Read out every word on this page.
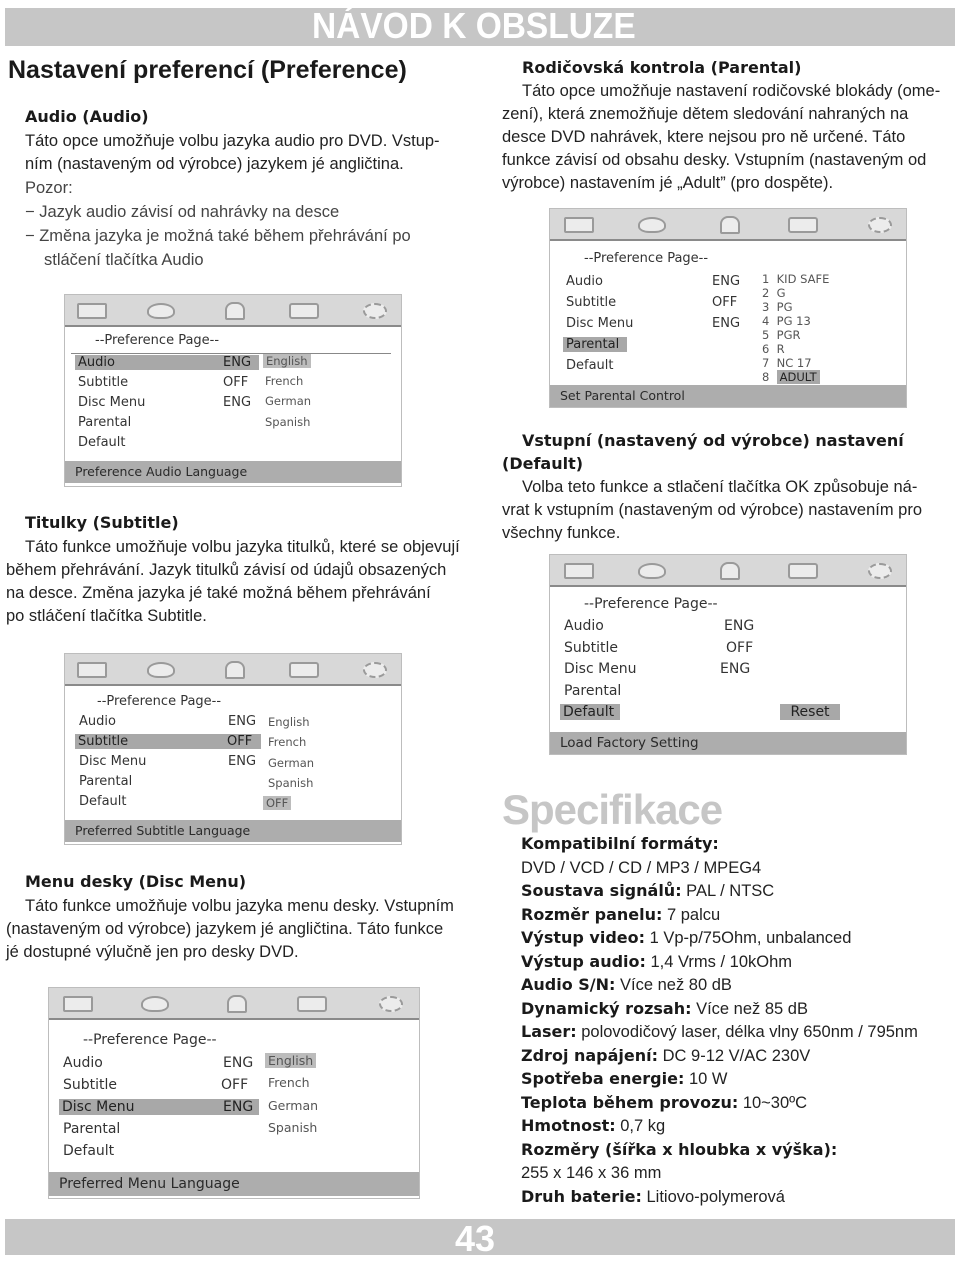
NÁVOD K OBSLUZE
Nastavení preferencí (Preference)
Audio (Audio)
Táto opce umožňuje volbu jazyka audio pro DVD. Vstup-
ním (nastaveným od výrobce) jazykem jé angličtina.
Pozor:
− Jazyk audio závisí od nahrávky na desce
− Změna jazyka je možná také během přehrávání po
stláčení tlačítka Audio
--Preference Page--
Audio	ENG
Subtitle	OFF
Disc Menu	ENG
Parental
Default
English
French
German
Spanish
Preference Audio Language
Titulky (Subtitle)
Táto funkce umožňuje volbu jazyka titulků, které se objevují
během přehrávání. Jazyk titulků závisí od údajů obsazených
na desce. Změna jazyka jé také možná během přehrávání
po stláčení tlačítka Subtitle.
--Preference Page--
Audio	ENG
Subtitle	OFF
Disc Menu	ENG
Parental
Default
English
French
German
Spanish
OFF
Preferred Subtitle Language
Menu desky (Disc Menu)
Táto funkce umožňuje volbu jazyka menu desky. Vstupním
(nastaveným od výrobce) jazykem jé angličtina. Táto funkce
jé dostupné výlučně jen pro desky DVD.
--Preference Page--
Audio	ENG
Subtitle	OFF
Disc Menu	ENG
Parental
Default
English
French
German
Spanish
Preferred Menu Language
Rodičovská kontrola (Parental)
Táto opce umožňuje nastavení rodičovské blokády (ome-
zení), která znemožňuje dětem sledování nahraných na
desce DVD nahrávek, ktere nejsou pro ně určené. Táto
funkce závisí od obsahu desky. Vstupním (nastaveným od
výrobce) nastavením jé „Adult” (pro dospěte).
--Preference Page--
Audio	ENG
Subtitle	OFF
Disc Menu	ENG
Parental
Default
1 KID SAFE
2 G
3 PG
4 PG 13
5 PGR
6 R
7 NC 17
8 ADULT
Set Parental Control
Vstupní (nastavený od výrobce) nastavení
(Default)
Volba teto funkce a stlačení tlačítka OK způsobuje ná-
vrat k vstupním (nastaveným od výrobce) nastavením pro
všechny funkce.
--Preference Page--
Audio	ENG
Subtitle	OFF
Disc Menu	ENG
Parental
Default	Reset
Load Factory Setting
Specifikace
Kompatibilní formáty:
DVD / VCD / CD / MP3 / MPEG4
Soustava signálů: PAL / NTSC
Rozměr panelu: 7 palcu
Výstup video: 1 Vp-p/75Ohm, unbalanced
Výstup audio: 1,4 Vrms / 10kOhm
Audio S/N: Více než 80 dB
Dynamický rozsah: Více než 85 dB
Laser: polovodičový laser, délka vlny 650nm / 795nm
Zdroj napájení: DC 9-12 V/AC 230V
Spotřeba energie: 10 W
Teplota během provozu: 10~30ºC
Hmotnost: 0,7 kg
Rozměry (šířka x hloubka x výška):
255 x 146 x 36 mm
Druh baterie: Litiovo-polymerová
43
